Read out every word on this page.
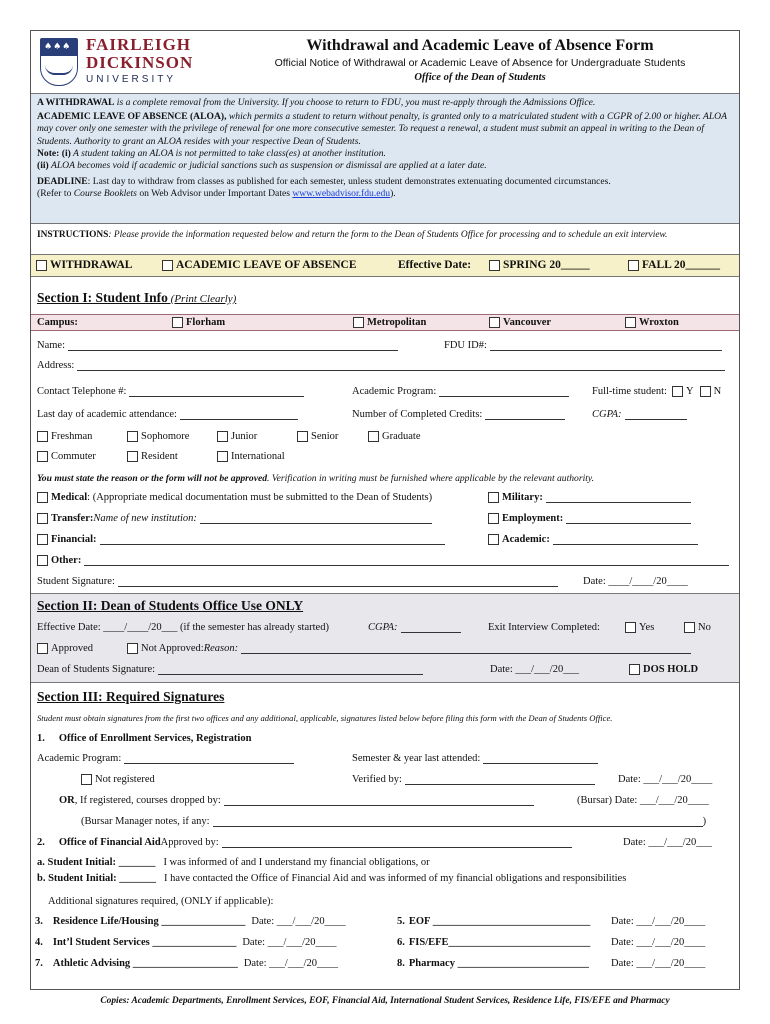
♠♠♠ FAIRLEIGH
DICKINSON
UNIVERSITY
Withdrawal and Academic Leave of Absence Form
Official Notice of Withdrawal or Academic Leave of Absence for Undergraduate Students
Office of the Dean of Students

A WITHDRAWAL is a complete removal from the University. If you choose to return to FDU, you must re-apply through the Admissions Office.

ACADEMIC LEAVE OF ABSENCE (ALOA), which permits a student to return without penalty, is granted only to a matriculated student with a CGPR of 2.00 or higher. ALOA may cover only one semester with the privilege of renewal for one more consecutive semester. To request a renewal, a student must submit an appeal in writing to the Dean of Students. Authority to grant an ALOA resides with your respective Dean of Students.
Note: (i) A student taking an ALOA is not permitted to take class(es) at another institution.
(ii) ALOA becomes void if academic or judicial sanctions such as suspension or dismissal are applied at a later date.

DEADLINE: Last day to withdraw from classes as published for each semester, unless student demonstrates extenuating documented circumstances.
(Refer to Course Booklets on Web Advisor under Important Dates www.webadvisor.fdu.edu).

INSTRUCTIONS: Please provide the information requested below and return the form to the Dean of Students Office for processing and to schedule an exit interview.
WITHDRAWAL	ACADEMIC LEAVE OF ABSENCE	Effective Date:	SPRING 20_____	FALL 20______
Section I: Student Info (Print Clearly)
Campus:	Florham	Metropolitan	Vancouver	Wroxton
Name:	FDU ID#:
Address:
Contact Telephone #:	Academic Program:	Full-time student: Y N
Last day of academic attendance:	Number of Completed Credits:	CGPA:
Freshman	Sophomore	Junior	Senior	Graduate
Commuter	Resident	International
You must state the reason or the form will not be approved . Verification in writing must be furnished where applicable by the relevant authority.
Medical : (Appropriate medical documentation must be submitted to the Dean of Students)	Military:
Transfer: Name of new institution:	Employment:
Financial:	Academic:
Other:
Student Signature:	Date: ____/____/20____
Section II: Dean of Students Office Use ONLY
Effective Date: ____/____/20___ (if the semester has already started)	CGPA:	Exit Interview Completed:	Yes	No
Approved	Not Approved: Reason:
Dean of Students Signature:	Date: ___/___/20___	DOS HOLD
Section III: Required Signatures
Student must obtain signatures from the first two offices and any additional, applicable, signatures listed below before filing this form with the Dean of Students Office.
1. Office of Enrollment Services, Registration
Academic Program:	Semester & year last attended:
Not registered	Verified by:	Date: ___/___/20____
OR , If registered, courses dropped by:	(Bursar) Date: ___/___/20____
(Bursar Manager notes, if any:	)
2. Office of Financial Aid Approved by:	Date: ___/___/20___
a. Student Initial: _______ I was informed of and I understand my financial obligations, or
b. Student Initial: _______ I have contacted the Office of Financial Aid and was informed of my financial obligations and responsibilities
Additional signatures required, (ONLY if applicable):
3. Residence Life/Housing ________________ Date: ___/___/20____	5. EOF ______________________________ Date: ___/___/20____
4. Int’l Student Services ________________ Date: ___/___/20____	6. FIS/EFE___________________________ Date: ___/___/20____
7. Athletic Advising ____________________ Date: ___/___/20____	8. Pharmacy _________________________ Date: ___/___/20____
Copies: Academic Departments, Enrollment Services, EOF, Financial Aid, International Student Services, Residence Life, FIS/EFE and Pharmacy
